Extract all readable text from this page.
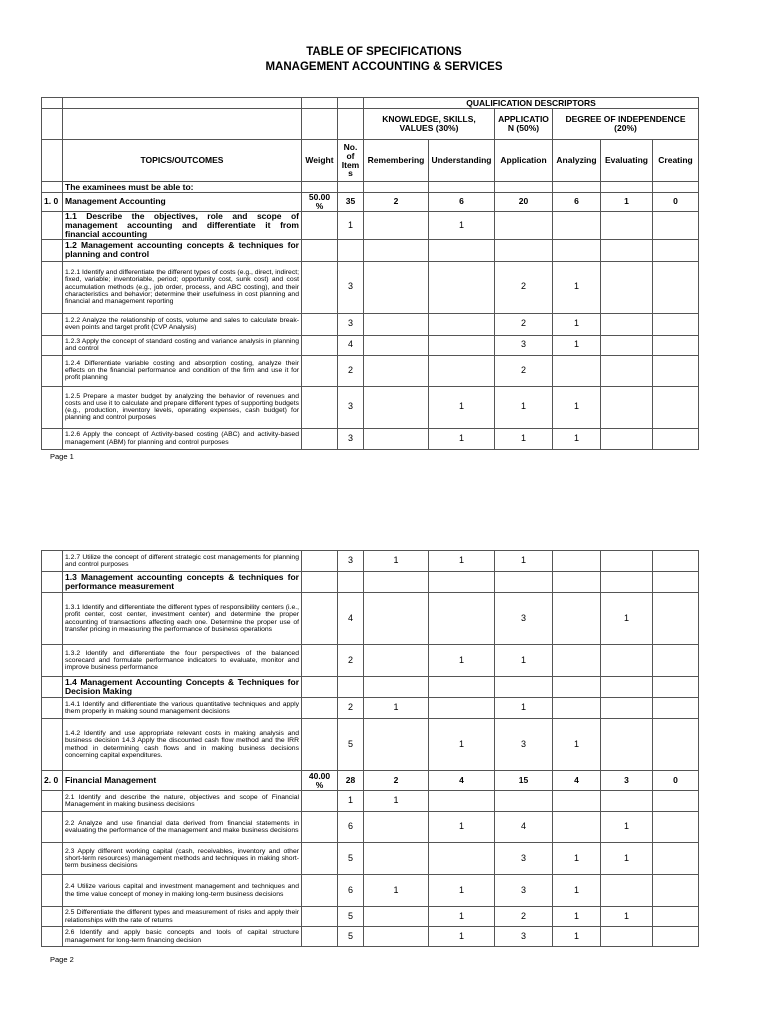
TABLE OF SPECIFICATIONS
MANAGEMENT ACCOUNTING & SERVICES
				QUALIFICATION DESCRIPTORS					
				KNOWLEDGE, SKILLS, VALUES (30%)		APPLICATIO N (50%)	DEGREE OF INDEPENDENCE (20%)		
	TOPICS/OUTCOMES	Weight	No. of Item s	Remembering	Understanding	Application	Analyzing	Evaluating	Creating
	The examinees must be able to:								
1. 0	Management Accounting	50.00 %	35	2	6	20	6	1	0
	1.1 Describe the objectives, role and scope of management accounting and differentiate it from financial accounting		1		1				
	1.2 Management accounting concepts & techniques for planning and control								
	1.2.1 Identify and differentiate the different types of costs (e.g., direct, indirect; fixed, variable; inventoriable, period; opportunity cost, sunk cost) and cost accumulation methods (e.g., job order, process, and ABC costing), and their characteristics and behavior; determine their usefulness in cost planning and financial and management reporting		3			2	1		
	1.2.2 Analyze the relationship of costs, volume and sales to calculate break-even points and target profit (CVP Analysis)		3			2	1		
	1.2.3 Apply the concept of standard costing and variance analysis in planning and control		4			3	1		
	1.2.4 Differentiate variable costing and absorption costing, analyze their effects on the financial performance and condition of the firm and use it for profit planning		2			2			
	1.2.5 Prepare a master budget by analyzing the behavior of revenues and costs and use it to calculate and prepare different types of supporting budgets (e.g., production, inventory levels, operating expenses, cash budget) for planning and control purposes		3		1	1	1		
	1.2.6 Apply the concept of Activity-based costing (ABC) and activity-based management (ABM) for planning and control purposes		3		1	1	1		
Page 1
	1.2.7 Utilize the concept of different strategic cost managements for planning and control purposes		3	1	1	1			
	1.3 Management accounting concepts & techniques for performance measurement								
	1.3.1 Identify and differentiate the different types of responsibility centers (i.e., profit center, cost center, investment center) and determine the proper accounting of transactions affecting each one. Determine the proper use of transfer pricing in measuring the performance of business operations		4			3		1	
	1.3.2 Identify and differentiate the four perspectives of the balanced scorecard and formulate performance indicators to evaluate, monitor and improve business performance		2		1	1			
	1.4 Management Accounting Concepts & Techniques for Decision Making								
	1.4.1 Identify and differentiate the various quantitative techniques and apply them properly in making sound management decisions		2	1		1			
	1.4.2 Identify and use appropriate relevant costs in making analysis and business decision 14.3 Apply the discounted cash flow method and the IRR method in determining cash flows and in making business decisions concerning capital expenditures.		5		1	3	1		
2. 0	Financial Management	40.00 %	28	2	4	15	4	3	0
	2.1 Identify and describe the nature, objectives and scope of Financial Management in making business decisions		1	1					
	2.2 Analyze and use financial data derived from financial statements in evaluating the performance of the management and make business decisions		6		1	4		1	
	2.3 Apply different working capital (cash, receivables, inventory and other short-term resources) management methods and techniques in making short-term business decisions		5			3	1	1	
	2.4 Utilize various capital and investment management and techniques and the time value concept of money in making long-term business decisions		6	1	1	3	1		
	2.5 Differentiate the different types and measurement of risks and apply their relationships with the rate of returns		5		1	2	1	1	
	2.6 Identify and apply basic concepts and tools of capital structure management for long-term financing decision		5		1	3	1		
Page 2
